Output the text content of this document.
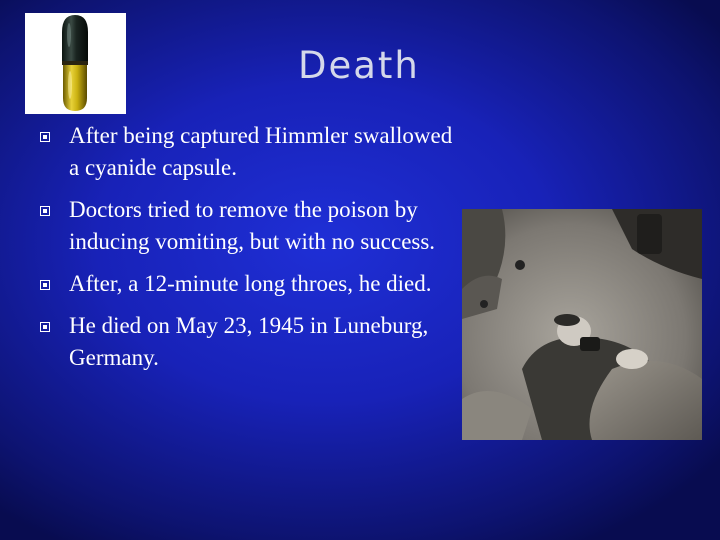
Death
After being captured Himmler swallowed a cyanide capsule.
Doctors tried to remove the poison by inducing vomiting, but with no success.
After, a 12-minute long throes, he died.
He died on May 23, 1945 in Luneburg, Germany.
